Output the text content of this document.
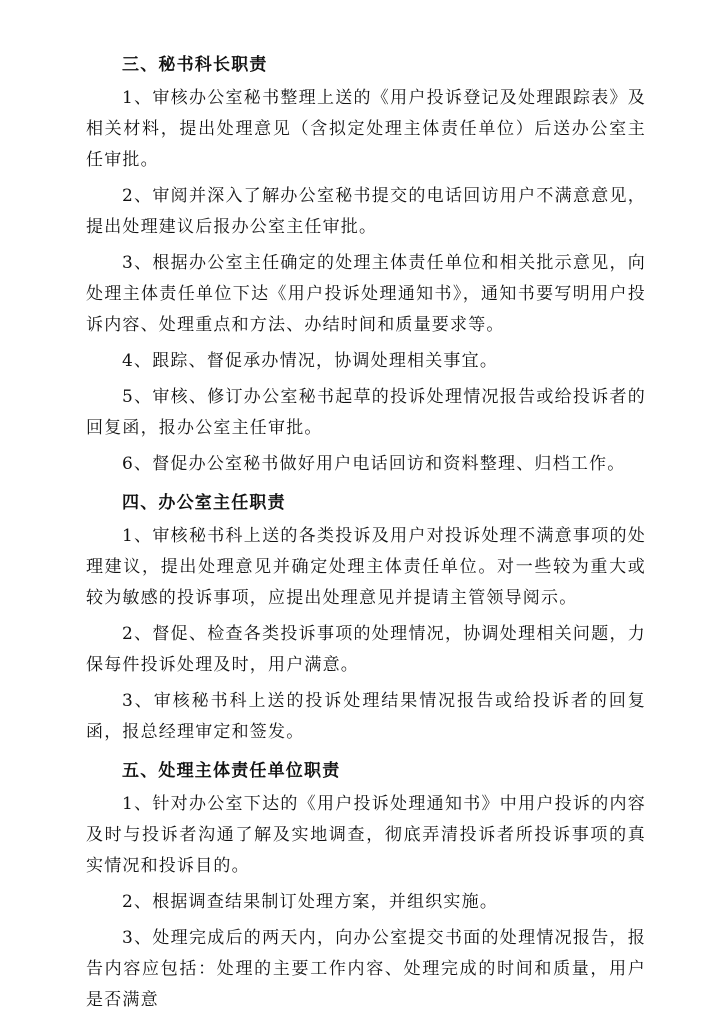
三、秘书科长职责

1、审核办公室秘书整理上送的《用户投诉登记及处理跟踪表》及相关材料，提出处理意见（含拟定处理主体责任单位）后送办公室主任审批。

2、审阅并深入了解办公室秘书提交的电话回访用户不满意意见，提出处理建议后报办公室主任审批。

3、根据办公室主任确定的处理主体责任单位和相关批示意见，向处理主体责任单位下达《用户投诉处理通知书》，通知书要写明用户投诉内容、处理重点和方法、办结时间和质量要求等。

4、跟踪、督促承办情况，协调处理相关事宜。

5、审核、修订办公室秘书起草的投诉处理情况报告或给投诉者的回复函，报办公室主任审批。

6、督促办公室秘书做好用户电话回访和资料整理、归档工作。

四、办公室主任职责

1、审核秘书科上送的各类投诉及用户对投诉处理不满意事项的处理建议，提出处理意见并确定处理主体责任单位。对一些较为重大或较为敏感的投诉事项，应提出处理意见并提请主管领导阅示。

2、督促、检查各类投诉事项的处理情况，协调处理相关问题，力保每件投诉处理及时，用户满意。

3、审核秘书科上送的投诉处理结果情况报告或给投诉者的回复函，报总经理审定和签发。

五、处理主体责任单位职责

1、针对办公室下达的《用户投诉处理通知书》中用户投诉的内容及时与投诉者沟通了解及实地调查，彻底弄清投诉者所投诉事项的真实情况和投诉目的。

2、根据调查结果制订处理方案，并组织实施。

3、处理完成后的两天内，向办公室提交书面的处理情况报告，报告内容应包括：处理的主要工作内容、处理完成的时间和质量，用户是否满意
